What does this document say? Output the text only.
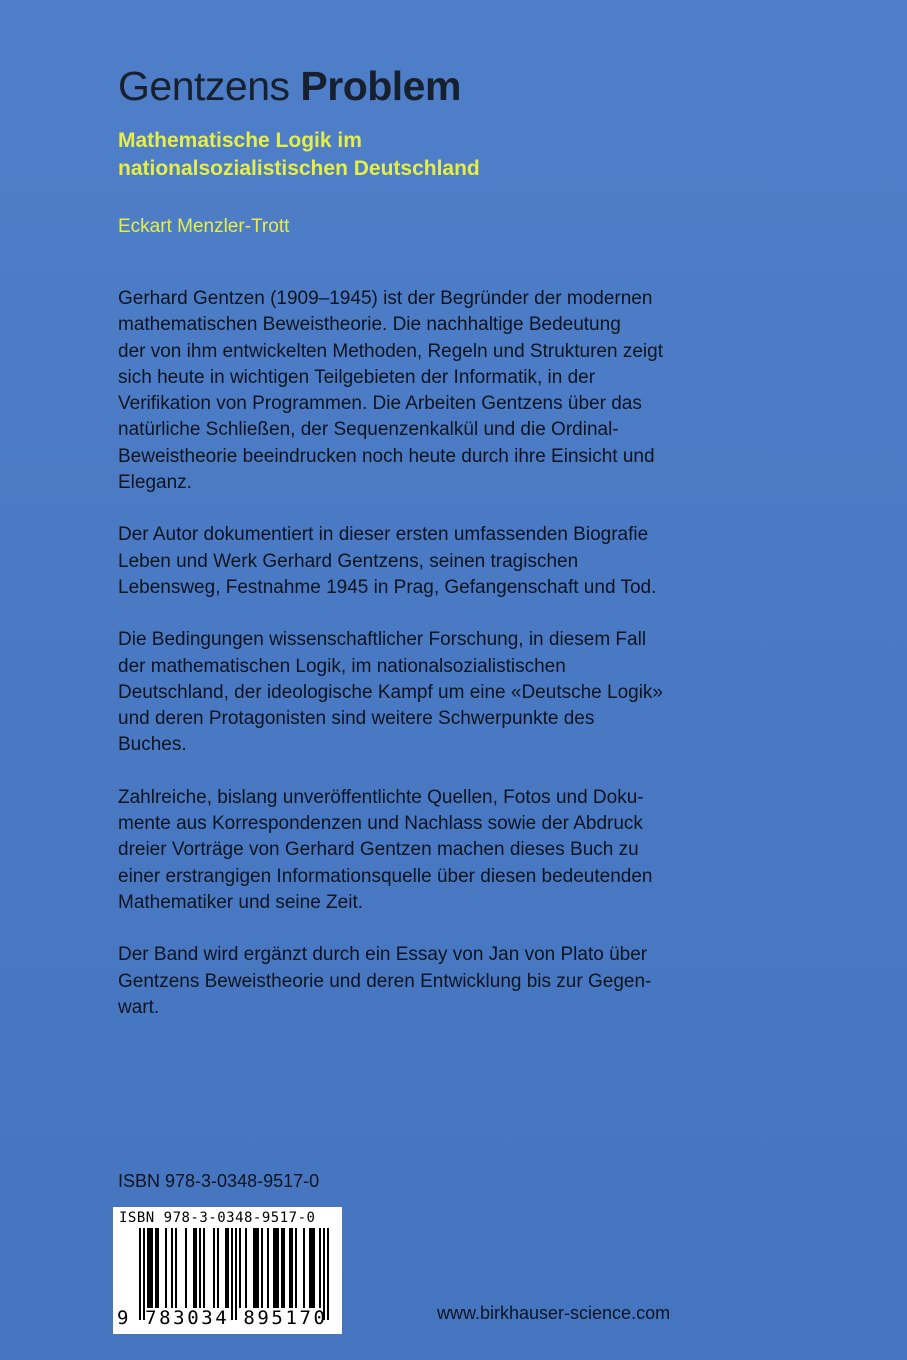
Gentzens Problem
Mathematische Logik im nationalsozialistischen Deutschland
Eckart Menzler-Trott

Gerhard Gentzen (1909–1945) ist der Begründer der modernen
mathematischen Beweistheorie. Die nachhaltige Bedeutung
der von ihm entwickelten Methoden, Regeln und Strukturen zeigt
sich heute in wichtigen Teilgebieten der Informatik, in der
Verifikation von Programmen. Die Arbeiten Gentzens über das
natürliche Schließen, der Sequenzenkalkül und die Ordinal-
Beweistheorie beeindrucken noch heute durch ihre Einsicht und
Eleganz.

Der Autor dokumentiert in dieser ersten umfassenden Biografie
Leben und Werk Gerhard Gentzens, seinen tragischen
Lebensweg, Festnahme 1945 in Prag, Gefangenschaft und Tod.

Die Bedingungen wissenschaftlicher Forschung, in diesem Fall
der mathematischen Logik, im nationalsozialistischen
Deutschland, der ideologische Kampf um eine «Deutsche Logik»
und deren Protagonisten sind weitere Schwerpunkte des
Buches.

Zahlreiche, bislang unveröffentlichte Quellen, Fotos und Doku-
mente aus Korrespondenzen und Nachlass sowie der Abdruck
dreier Vorträge von Gerhard Gentzen machen dieses Buch zu
einer erstrangigen Informationsquelle über diesen bedeutenden
Mathematiker und seine Zeit.

Der Band wird ergänzt durch ein Essay von Jan von Plato über
Gentzens Beweistheorie und deren Entwicklung bis zur Gegen-
wart.

ISBN 978-3-0348-9517-0
ISBN 978-3-0348-9517-0
9 783034 895170	www.birkhauser-science.com
